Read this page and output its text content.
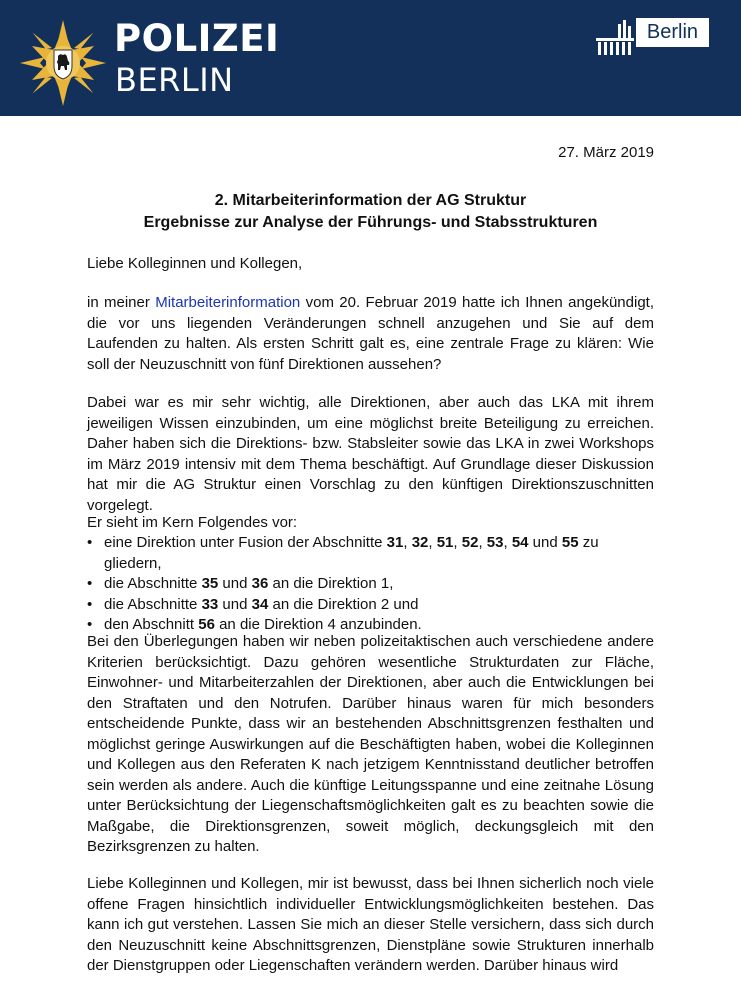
POLIZEI
BERLIN
Berlin
27. März 2019
2. Mitarbeiterinformation der AG Struktur
Ergebnisse zur Analyse der Führungs- und Stabsstrukturen

Liebe Kolleginnen und Kollegen,

in meiner Mitarbeiterinformation vom 20. Februar 2019 hatte ich Ihnen angekündigt, die vor uns liegenden Veränderungen schnell anzugehen und Sie auf dem Laufenden zu halten. Als ersten Schritt galt es, eine zentrale Frage zu klären: Wie soll der Neuzuschnitt von fünf Direktionen aussehen?

Dabei war es mir sehr wichtig, alle Direktionen, aber auch das LKA mit ihrem jeweiligen Wissen einzubinden, um eine möglichst breite Beteiligung zu erreichen. Daher haben sich die Direktions- bzw. Stabsleiter sowie das LKA in zwei Workshops im März 2019 intensiv mit dem Thema beschäftigt. Auf Grundlage dieser Diskussion hat mir die AG Struktur einen Vorschlag zu den künftigen Direktionszuschnitten vorgelegt.

Er sieht im Kern Folgendes vor:

• eine Direktion unter Fusion der Abschnitte 31, 32, 51, 52, 53, 54 und 55 zu gliedern,
• die Abschnitte 35 und 36 an die Direktion 1,
• die Abschnitte 33 und 34 an die Direktion 2 und
• den Abschnitt 56 an die Direktion 4 anzubinden.

Bei den Überlegungen haben wir neben polizeitaktischen auch verschiedene andere Kriterien berücksichtigt. Dazu gehören wesentliche Strukturdaten zur Fläche, Einwohner- und Mitarbeiterzahlen der Direktionen, aber auch die Entwicklungen bei den Straftaten und den Notrufen. Darüber hinaus waren für mich besonders entscheidende Punkte, dass wir an bestehenden Abschnittsgrenzen festhalten und möglichst geringe Auswirkungen auf die Beschäftigten haben, wobei die Kolleginnen und Kollegen aus den Referaten K nach jetzigem Kenntnisstand deutlicher betroffen sein werden als andere. Auch die künftige Leitungsspanne und eine zeitnahe Lösung unter Berücksichtung der Liegenschaftsmöglichkeiten galt es zu beachten sowie die Maßgabe, die Direktionsgrenzen, soweit möglich, deckungsgleich mit den Bezirksgrenzen zu halten.

Liebe Kolleginnen und Kollegen, mir ist bewusst, dass bei Ihnen sicherlich noch viele offene Fragen hinsichtlich individueller Entwicklungsmöglichkeiten bestehen. Das kann ich gut verstehen. Lassen Sie mich an dieser Stelle versichern, dass sich durch den Neuzuschnitt keine Abschnittsgrenzen, Dienstpläne sowie Strukturen innerhalb der Dienstgruppen oder Liegenschaften verändern werden. Darüber hinaus wird
